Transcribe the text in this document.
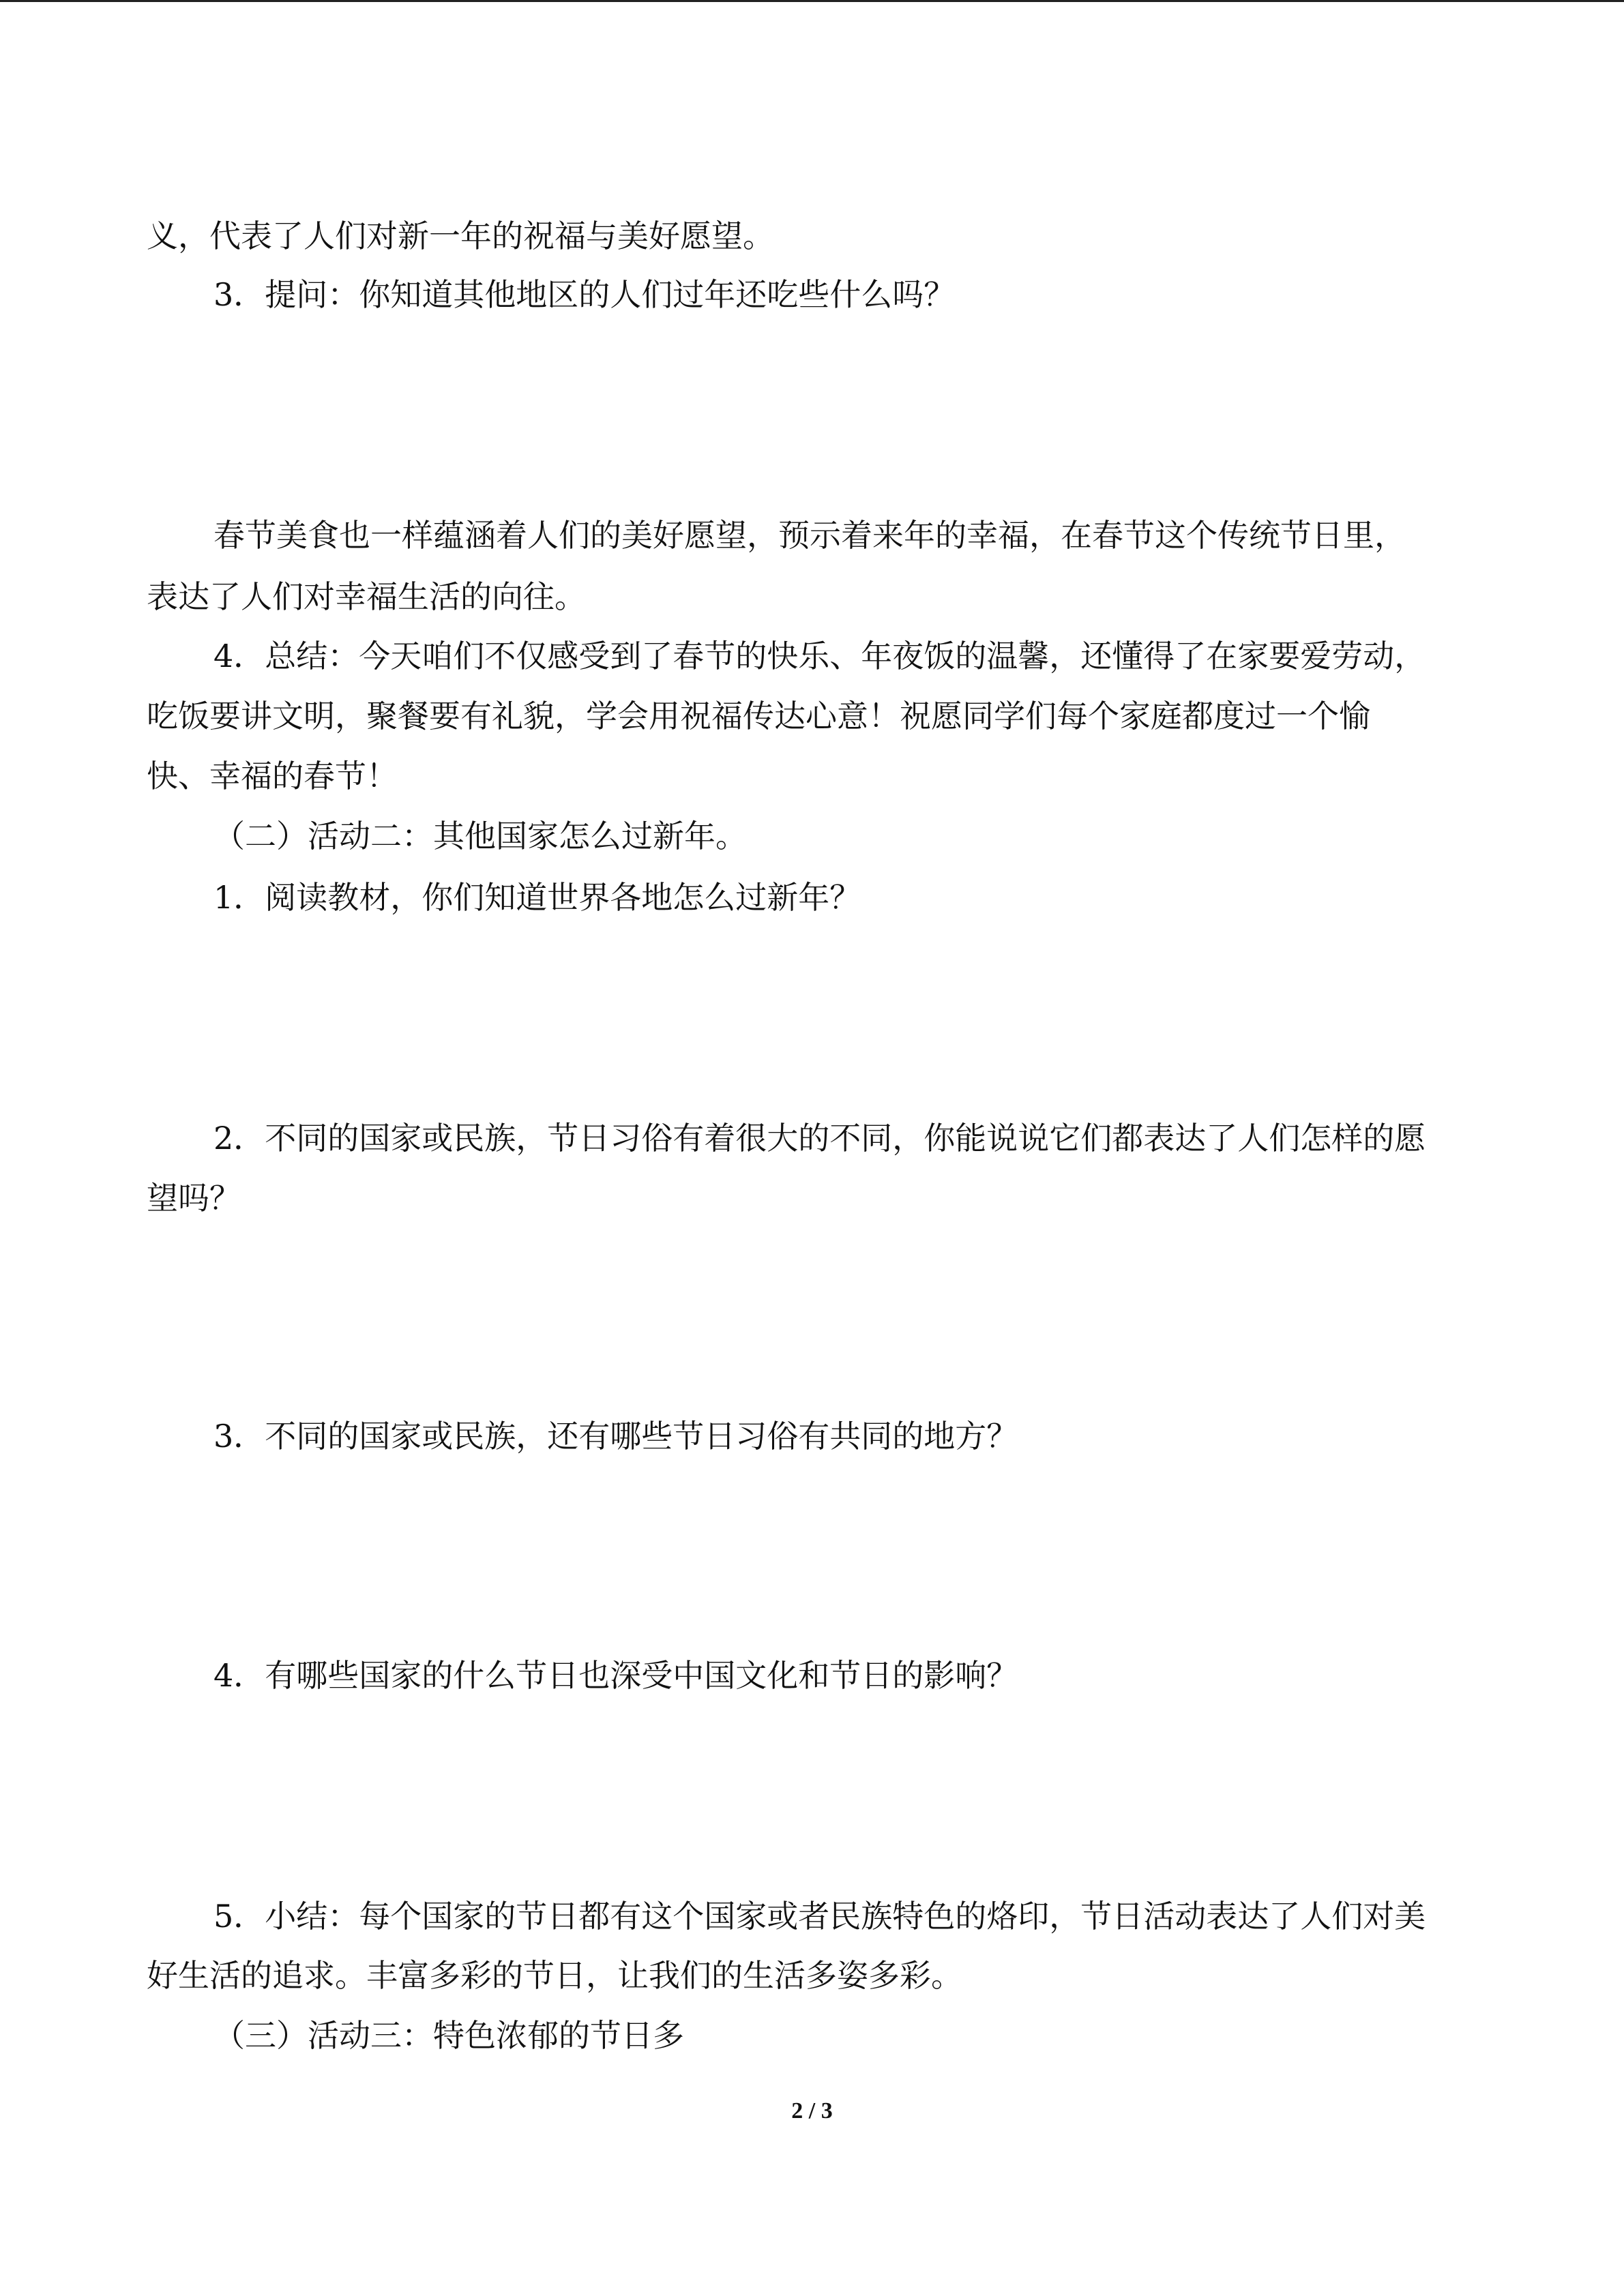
义，代表了人们对新一年的祝福与美好愿望。
3．提问：你知道其他地区的人们过年还吃些什么吗？
春节美食也一样蕴涵着人们的美好愿望，预示着来年的幸福，在春节这个传统节日里，
表达了人们对幸福生活的向往。
4．总结：今天咱们不仅感受到了春节的快乐、年夜饭的温馨，还懂得了在家要爱劳动，
吃饭要讲文明，聚餐要有礼貌，学会用祝福传达心意！祝愿同学们每个家庭都度过一个愉
快、幸福的春节！
（二）活动二：其他国家怎么过新年。
1．阅读教材，你们知道世界各地怎么过新年？
2．不同的国家或民族，节日习俗有着很大的不同，你能说说它们都表达了人们怎样的愿
望吗？
3．不同的国家或民族，还有哪些节日习俗有共同的地方？
4．有哪些国家的什么节日也深受中国文化和节日的影响？
5．小结：每个国家的节日都有这个国家或者民族特色的烙印，节日活动表达了人们对美
好生活的追求。丰富多彩的节日，让我们的生活多姿多彩。
（三）活动三：特色浓郁的节日多
2 / 3
